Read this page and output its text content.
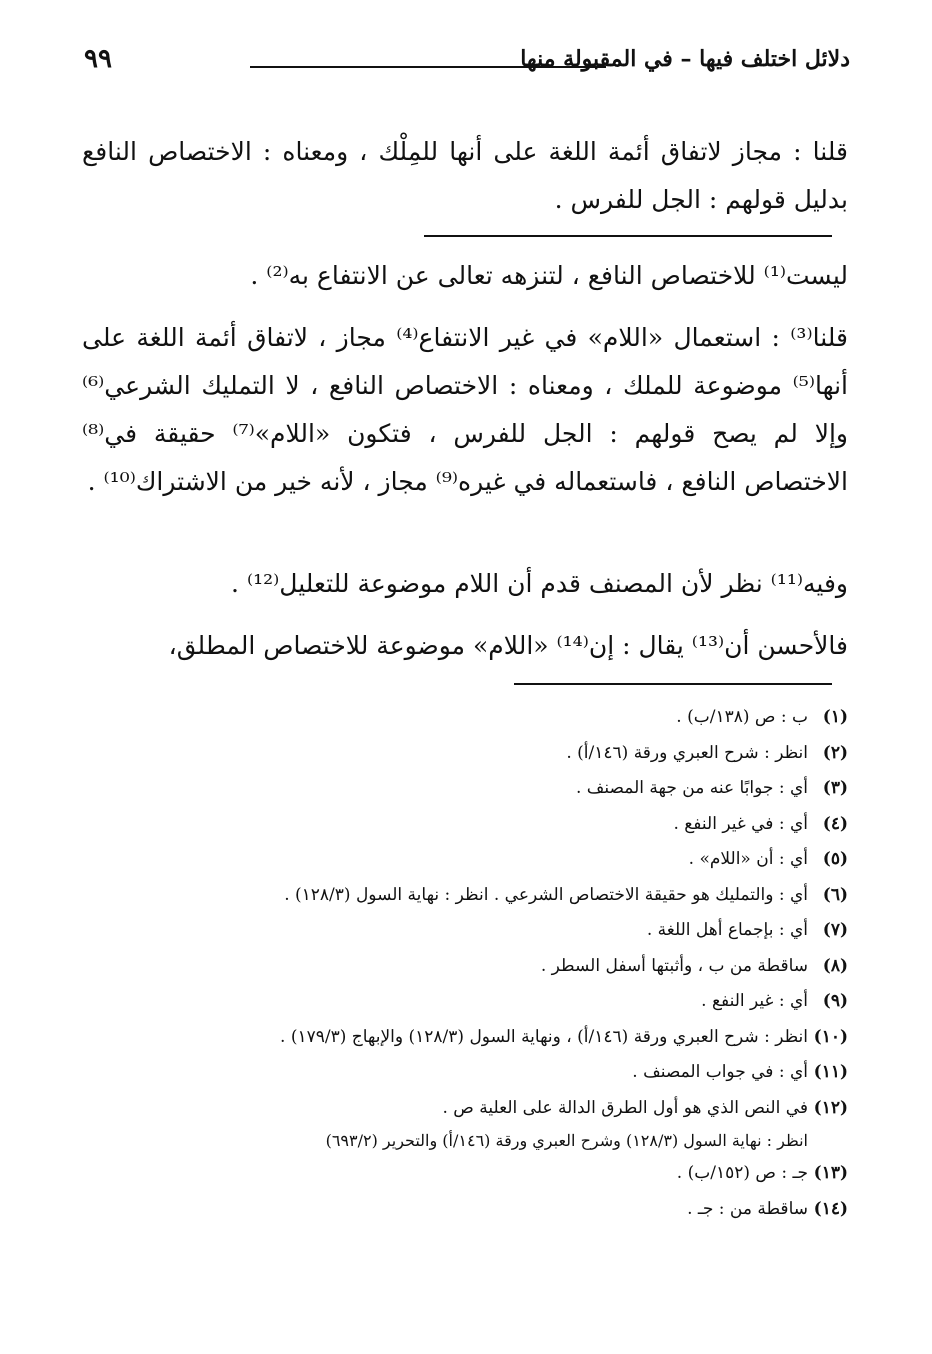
دلائل اختلف فيها – في المقبولة منها
٩٩

قلنا : مجاز لاتفاق أئمة اللغة على أنها للمِلْك ، ومعناه : الاختصاص النافع بدليل قولهم : الجل للفرس .

ليست⁽¹⁾ للاختصاص النافع ، لتنزهه تعالى عن الانتفاع به⁽²⁾ .

قلنا⁽³⁾ : استعمال «اللام» في غير الانتفاع⁽⁴⁾ مجاز ، لاتفاق أئمة اللغة على أنها⁽⁵⁾ موضوعة للملك ، ومعناه : الاختصاص النافع ، لا التمليك الشرعي⁽⁶⁾ وإلا لم يصح قولهم : الجل للفرس ، فتكون «اللام»⁽⁷⁾ حقيقة في⁽⁸⁾ الاختصاص النافع ، فاستعماله في غيره⁽⁹⁾ مجاز ، لأنه خير من الاشتراك⁽¹⁰⁾ .

وفيه⁽¹¹⁾ نظر لأن المصنف قدم أن اللام موضوعة للتعليل⁽¹²⁾ .

فالأحسن أن⁽¹³⁾ يقال : إن⁽¹⁴⁾ «اللام» موضوعة للاختصاص المطلق،

(١)ب : ص (١٣٨/ب) .
(٢)انظر : شرح العبري ورقة (١٤٦/أ) .
(٣)أي : جوابًا عنه من جهة المصنف .
(٤)أي : في غير النفع .
(٥)أي : أن «اللام» .
(٦)أي : والتمليك هو حقيقة الاختصاص الشرعي . انظر : نهاية السول (١٢٨/٣) .
(٧)أي : بإجماع أهل اللغة .
(٨)ساقطة من ب ، وأثبتها أسفل السطر .
(٩)أي : غير النفع .
(١٠)انظر : شرح العبري ورقة (١٤٦/أ) ، ونهاية السول (١٢٨/٣) والإبهاج (١٧٩/٣) .
(١١)أي : في جواب المصنف .
(١٢)في النص الذي هو أول الطرق الدالة على العلية ص .
انظر : نهاية السول (١٢٨/٣) وشرح العبري ورقة (١٤٦/أ) والتحرير (٦٩٣/٢)
(١٣)جـ : ص (١٥٢/ب) .
(١٤)ساقطة من : جـ .
